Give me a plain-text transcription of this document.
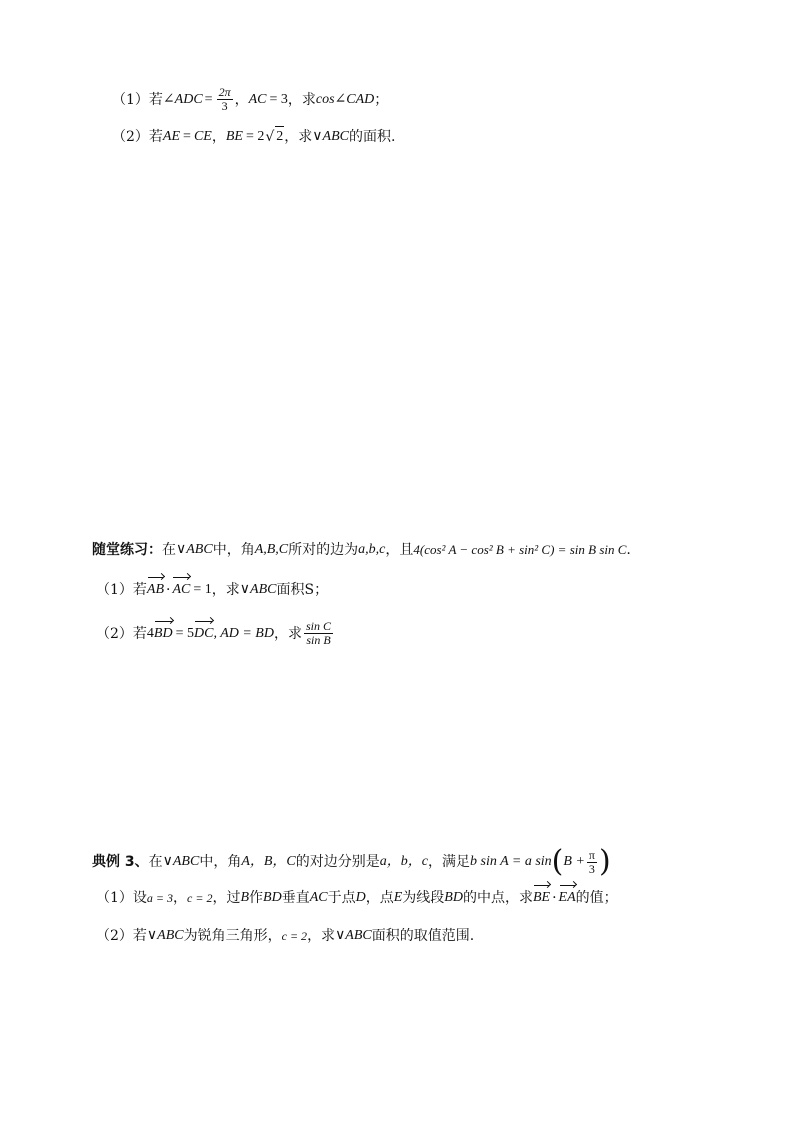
（1）若 ∠ADC = $\frac{2\pi}{3}$ ， AC = 3 ，求 cos∠CAD ；
（2）若 AE = CE ， BE = 2 √ 2 ，求 ∨ABC 的面积.
随堂练习： 在 ∨ABC 中，角 A,B,C 所对的边为 a,b,c ，且 4(cos² A − cos² B + sin² C) = sin B sin C .
（1）若 AB · AC = 1 ，求 ∨ABC 面积S；
（2）若 4 BD = 5 DC , AD = BD ，求 $\frac{\text{sin C}}{\text{sin B}}$
典例 3、 在 ∨ABC 中，角 A，B，C 的对边分别是 a，b，c ，满足 b sin A = a sin ( $B + \frac{\pi}{3}$ )
（1）设 a = 3 ， c = 2 ，过 B 作 BD 垂直 AC 于点 D ，点 E 为线段 BD 的中点，求 BE · EA 的值；
（2）若 ∨ABC 为锐角三角形， c = 2 ，求 ∨ABC 面积的取值范围.
